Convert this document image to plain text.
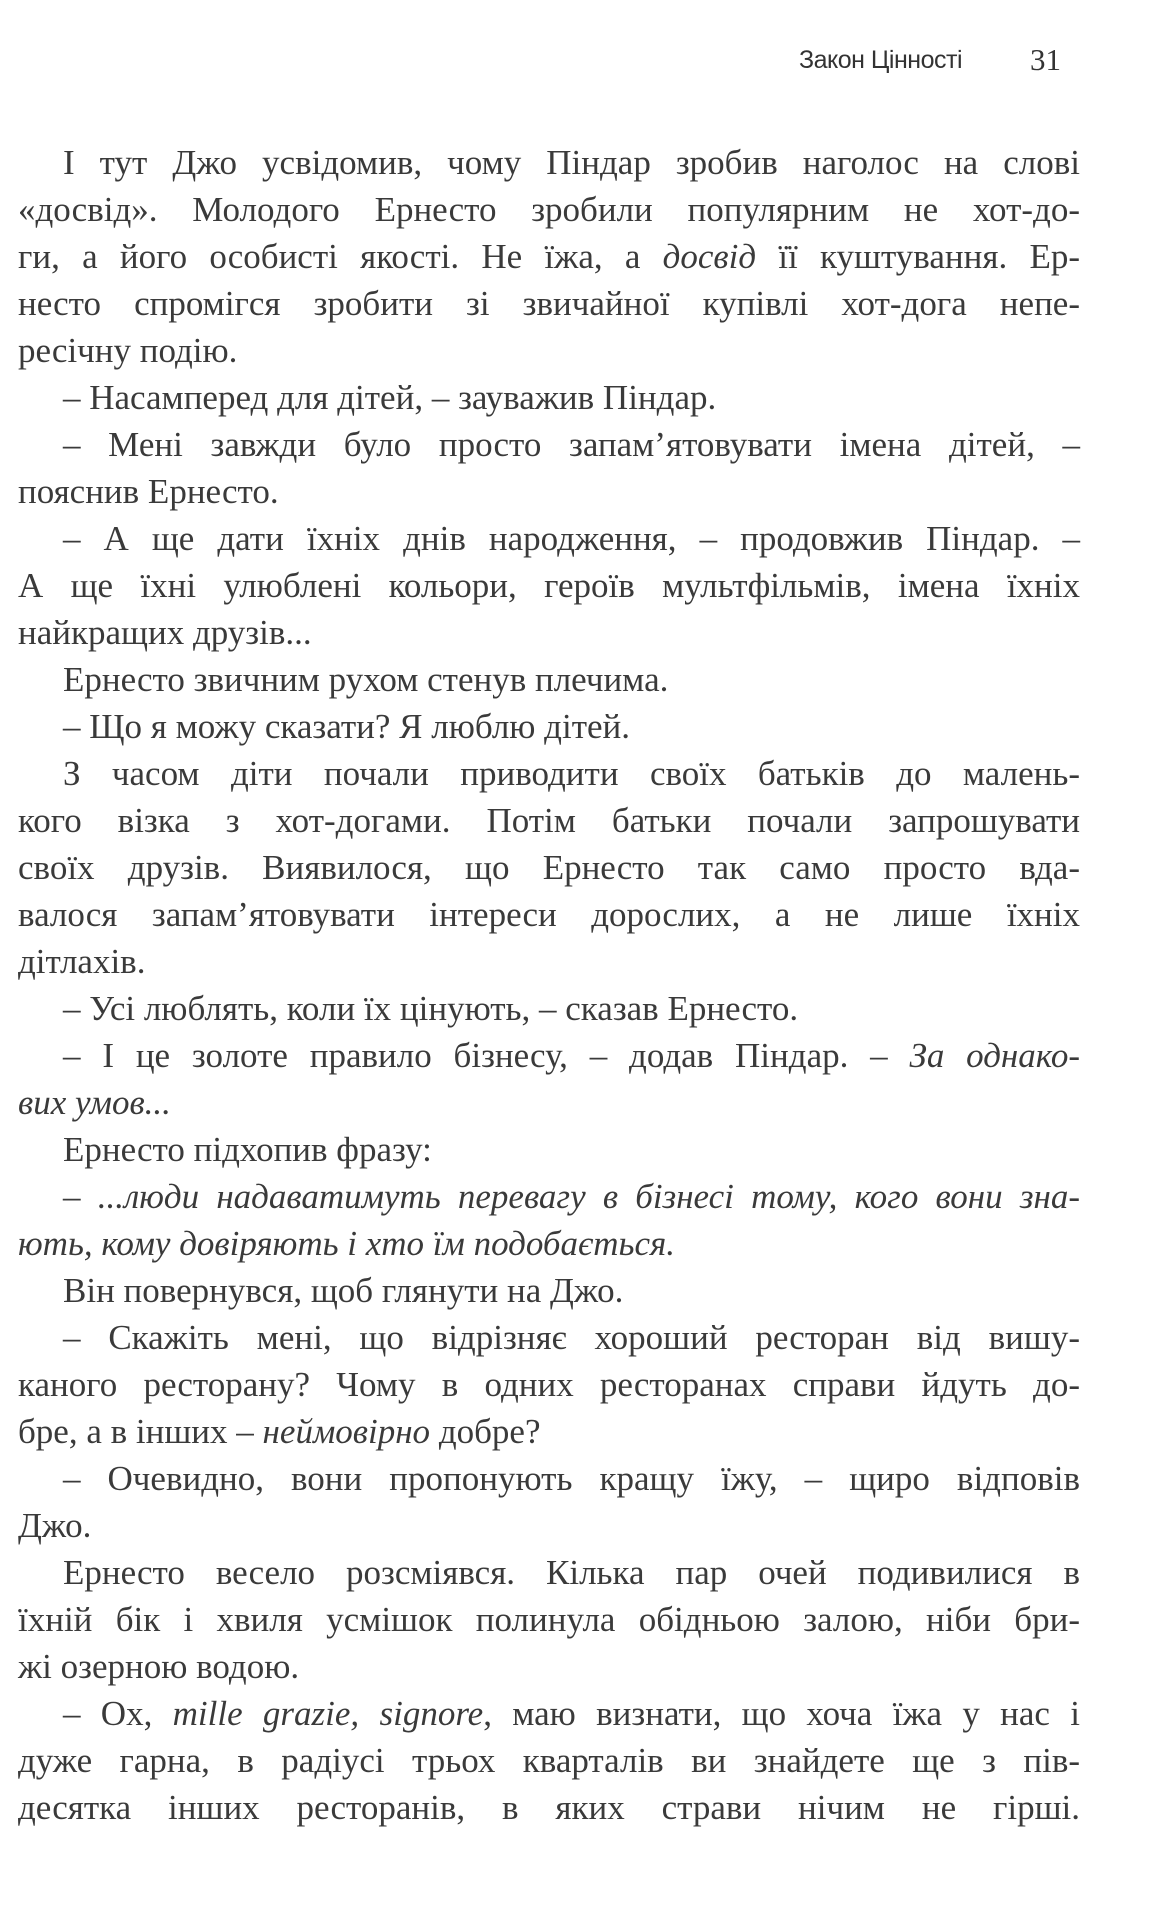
Закон Цінності 31
І тут Джо усвідомив, чому Піндар зробив наголос на слові
«досвід». Молодого Ернесто зробили популярним не хот-до-
ги, а його особисті якості. Не їжа, а досвід її куштування. Ер-
несто спромігся зробити зі звичайної купівлі хот-дога непе-
ресічну подію.
– Насамперед для дітей, – зауважив Піндар.
– Мені завжди було просто запам’ятовувати імена дітей, –
пояснив Ернесто.
– А ще дати їхніх днів народження, – продовжив Піндар. –
А ще їхні улюблені кольори, героїв мультфільмів, імена їхніх
найкращих друзів...
Ернесто звичним рухом стенув плечима.
– Що я можу сказати? Я люблю дітей.
З часом діти почали приводити своїх батьків до малень-
кого візка з хот-догами. Потім батьки почали запрошувати
своїх друзів. Виявилося, що Ернесто так само просто вда-
валося запам’ятовувати інтереси дорослих, а не лише їхніх
дітлахів.
– Усі люблять, коли їх цінують, – сказав Ернесто.
– І це золоте правило бізнесу, – додав Піндар. – За однако-
вих умов...
Ернесто підхопив фразу:
– ...люди надаватимуть перевагу в бізнесі тому, кого вони зна-
ють, кому довіряють і хто їм подобається.
Він повернувся, щоб глянути на Джо.
– Скажіть мені, що відрізняє хороший ресторан від вишу-
каного ресторану? Чому в одних ресторанах справи йдуть до-
бре, а в інших – неймовірно добре?
– Очевидно, вони пропонують кращу їжу, – щиро відповів
Джо.
Ернесто весело розсміявся. Кілька пар очей подивилися в
їхній бік і хвиля усмішок полинула обідньою залою, ніби бри-
жі озерною водою.
– Ох, mille grazie, signore, маю визнати, що хоча їжа у нас і
дуже гарна, в радіусі трьох кварталів ви знайдете ще з пів-
десятка інших ресторанів, в яких страви нічим не гірші.
